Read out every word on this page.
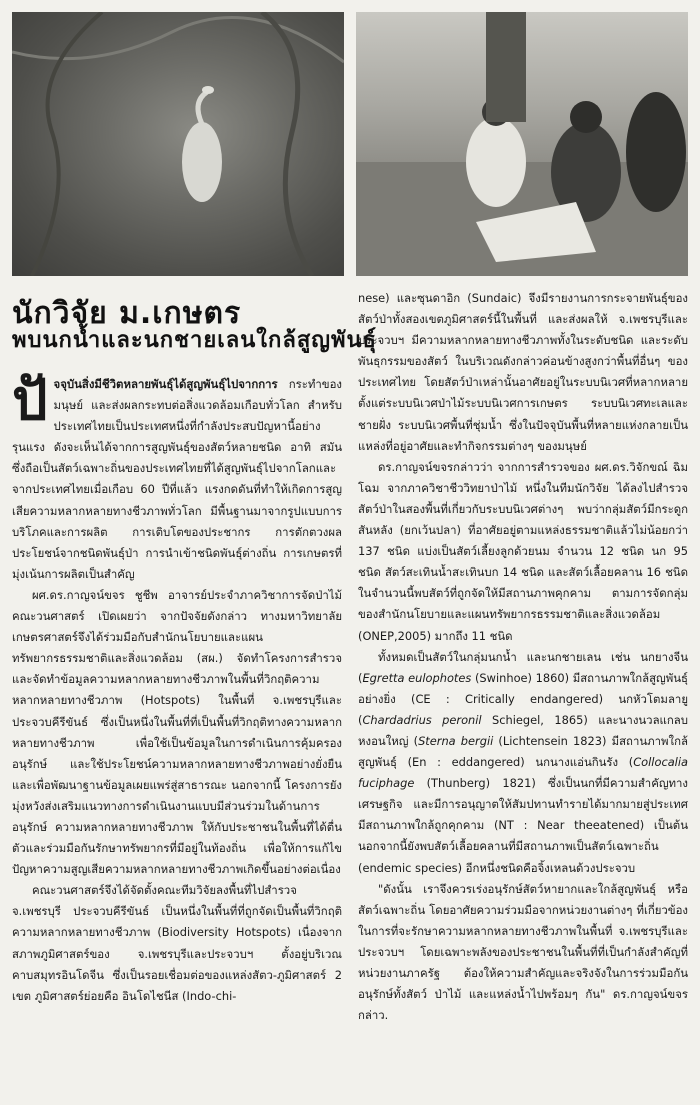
นักวิจัย ม.เกษตร
พบนกน้ำและนกชายเลนใกล้สูญพันธุ์

ปัจจุบันสิ่งมีชีวิตหลายพันธุ์ได้สูญพันธุ์ไปจากการ กระทำของมนุษย์ และส่งผลกระทบต่อสิ่งแวดล้อมเกือบทั่วโลก สำหรับประเทศไทยเป็นประเทศหนึ่งที่กำลังประสบปัญหานี้อย่างรุนแรง ดังจะเห็นได้จากการสูญพันธุ์ของสัตว์หลายชนิด อาทิ สมัน ซึ่งถือเป็นสัตว์เฉพาะถิ่นของประเทศไทยที่ได้สูญพันธุ์ไปจากโลกและจากประเทศไทยเมื่อเกือบ 60 ปีที่แล้ว แรงกดดันที่ทำให้เกิดการสูญเสียความหลากหลายทางชีวภาพทั่วโลก มีพื้นฐานมาจากรูปแบบการบริโภคและการผลิต การเติบโตของประชากร การตักตวงผลประโยชน์จากชนิดพันธุ์ป่า การนำเข้าชนิดพันธุ์ต่างถิ่น การเกษตรที่มุ่งเน้นการผลิตเป็นสำคัญ

ผศ.ดร.กาญจน์ขจร ชูชีพ อาจารย์ประจำภาควิชาการจัดป่าไม้ คณะวนศาสตร์ เปิดเผยว่า จากปัจจัยดังกล่าว ทางมหาวิทยาลัยเกษตรศาสตร์จึงได้ร่วมมือกับสำนักนโยบายและแผนทรัพยากรธรรมชาติและสิ่งแวดล้อม (สผ.) จัดทำโครงการสำรวจและจัดทำข้อมูลความหลากหลายทางชีวภาพในพื้นที่วิกฤติความหลากหลายทางชีวภาพ (Hotspots) ในพื้นที่ จ.เพชรบุรีและประจวบคีรีขันธ์ ซึ่งเป็นหนึ่งในพื้นที่ที่เป็นพื้นที่วิกฤติทางความหลากหลายทางชีวภาพ เพื่อใช้เป็นข้อมูลในการดำเนินการคุ้มครอง อนุรักษ์ และใช้ประโยชน์ความหลากหลายทางชีวภาพอย่างยั่งยืน และเพื่อพัฒนาฐานข้อมูลเผยแพร่สู่สาธารณะ นอกจากนี้ โครงการยังมุ่งหวังส่งเสริมแนวทางการดำเนินงานแบบมีส่วนร่วมในด้านการอนุรักษ์ ความหลากหลายทางชีวภาพ ให้กับประชาชนในพื้นที่ได้ตื่นตัวและร่วมมือกันรักษาทรัพยากรที่มีอยู่ในท้องถิ่น เพื่อให้การแก้ไขปัญหาความสูญเสียความหลากหลายทางชีวภาพเกิดขึ้นอย่างต่อเนื่อง

คณะวนศาสตร์จึงได้จัดตั้งคณะทีมวิจัยลงพื้นที่ไปสำรวจ จ.เพชรบุรี ประจวบคีรีขันธ์ เป็นหนึ่งในพื้นที่ที่ถูกจัดเป็นพื้นที่วิกฤติความหลากหลายทางชีวภาพ (Biodiversity Hotspots) เนื่องจากสภาพภูมิศาสตร์ของ จ.เพชรบุรีและประจวบฯ ตั้งอยู่บริเวณคาบสมุทรอินโดจีน ซึ่งเป็นรอยเชื่อมต่อของแหล่งสัตว-ภูมิศาสตร์ 2 เขต ภูมิศาสตร์ย่อยคือ อินโดไชนีส (Indo-chi-

nese) และซุนดาอิก (Sundaic) จึงมีรายงานการกระจายพันธุ์ของสัตว์ป่าทั้งสองเขตภูมิศาสตร์นี้ในพื้นที่ และส่งผลให้ จ.เพชรบุรีและประจวบฯ มีความหลากหลายทางชีวภาพทั้งในระดับชนิด และระดับพันธุกรรมของสัตว์ ในบริเวณดังกล่าวค่อนข้างสูงกว่าพื้นที่อื่นๆ ของประเทศไทย โดยสัตว์ป่าเหล่านั้นอาศัยอยู่ในระบบนิเวศที่หลากหลาย ตั้งแต่ระบบนิเวศป่าไม้ระบบนิเวศการเกษตร ระบบนิเวศทะเลและชายฝั่ง ระบบนิเวศพื้นที่ชุ่มน้ำ ซึ่งในปัจจุบันพื้นที่หลายแห่งกลายเป็นแหล่งที่อยู่อาศัยและทำกิจกรรมต่างๆ ของมนุษย์

ดร.กาญจน์ขจรกล่าวว่า จากการสำรวจของ ผศ.ดร.วิจักขณ์ ฉิมโฉม จากภาควิชาชีววิทยาป่าไม้ หนึ่งในทีมนักวิจัย ได้ลงไปสำรวจสัตว์ป่าในสองพื้นที่เกี่ยวกับระบบนิเวศต่างๆ พบว่ากลุ่มสัตว์มีกระดูกสันหลัง (ยกเว้นปลา) ที่อาศัยอยู่ตามแหล่งธรรมชาติแล้วไม่น้อยกว่า 137 ชนิด แบ่งเป็นสัตว์เลี้ยงลูกด้วยนม จำนวน 12 ชนิด นก 95 ชนิด สัตว์สะเทินน้ำสะเทินบก 14 ชนิด และสัตว์เลื้อยคลาน 16 ชนิด ในจำนวนนี้พบสัตว์ที่ถูกจัดให้มีสถานภาพคุกคาม ตามการจัดกลุ่มของสำนักนโยบายและแผนทรัพยากรธรรมชาติและสิ่งแวดล้อม (ONEP,2005) มากถึง 11 ชนิด

ทั้งหมดเป็นสัตว์ในกลุ่มนกน้ำ และนกชายเลน เช่น นกยางจีน (Egretta eulophotes (Swinhoe) 1860) มีสถานภาพใกล้สูญพันธุ์อย่างยิ่ง (CE : Critically endangered) นกหัวโตมลายู (Chardadrius peronil Schiegel, 1865) และนางนวลแกลบหงอนใหญ่ (Sterna bergii (Lichtensein 1823) มีสถานภาพใกล้สูญพันธุ์ (En : eddangered) นกนางแอ่นกินรัง (Collocalia fuciphage (Thunberg) 1821) ซึ่งเป็นนกที่มีความสำคัญทางเศรษฐกิจ และมีการอนุญาตให้สัมปทานทำรายได้มากมายสู่ประเทศ มีสถานภาพใกล้ถูกคุกคาม (NT : Near theeatened) เป็นต้น นอกจากนี้ยังพบสัตว์เลื้อยคลานที่มีสถานภาพเป็นสัตว์เฉพาะถิ่น (endemic species) อีกหนึ่งชนิดคือจิ้งเหลนด้วงประจวบ

"ดังนั้น เราจึงควรเร่งอนุรักษ์สัตว์หายากและใกล้สูญพันธุ์ หรือสัตว์เฉพาะถิ่น โดยอาศัยความร่วมมือจากหน่วยงานต่างๆ ที่เกี่ยวข้องในการที่จะรักษาความหลากหลายทางชีวภาพในพื้นที่ จ.เพชรบุรีและประจวบฯ โดยเฉพาะพลังของประชาชนในพื้นที่ที่เป็นกำลังสำคัญที่หน่วยงานภาครัฐ ต้องให้ความสำคัญและจริงจังในการร่วมมือกันอนุรักษ์ทั้งสัตว์ ป่าไม้ และแหล่งน้ำไปพร้อมๆ กัน" ดร.กาญจน์ขจรกล่าว.
